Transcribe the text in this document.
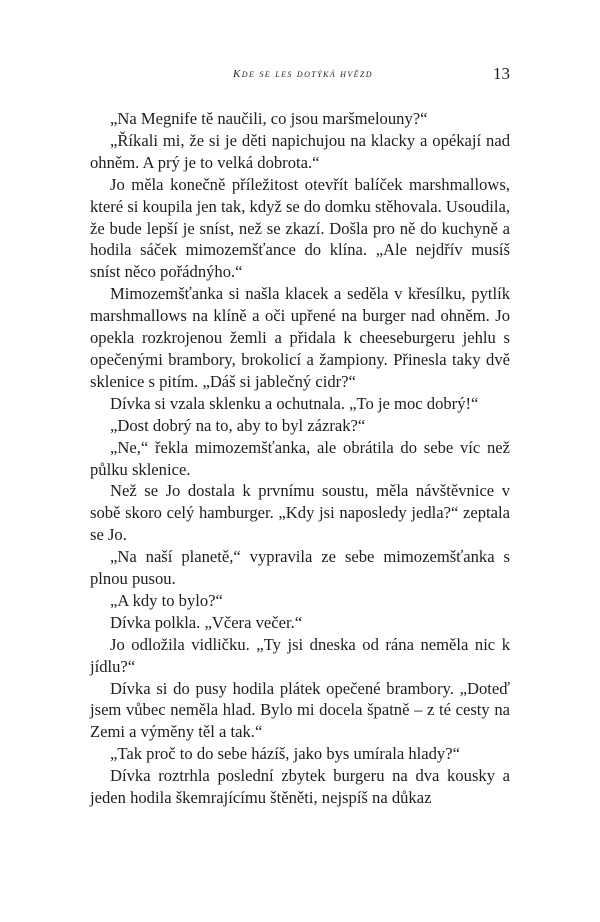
Kde se les dotýká hvězd	13

„Na Megnife tě naučili, co jsou maršmelouny?“

„Říkali mi, že si je děti napichujou na klacky a opékají nad ohněm. A prý je to velká dobrota.“

Jo měla konečně příležitost otevřít balíček marshmallows, které si koupila jen tak, když se do domku stěhovala. Usoudila, že bude lepší je sníst, než se zkazí. Došla pro ně do kuchyně a hodila sáček mimozemšťance do klína. „Ale nejdřív musíš sníst něco pořádnýho.“

Mimozemšťanka si našla klacek a seděla v křesílku, pytlík marshmallows na klíně a oči upřené na burger nad ohněm. Jo opekla rozkrojenou žemli a přidala k cheeseburgeru jehlu s opečenými brambory, brokolicí a žampiony. Přinesla taky dvě sklenice s pitím. „Dáš si jablečný cidr?“

Dívka si vzala sklenku a ochutnala. „To je moc dobrý!“

„Dost dobrý na to, aby to byl zázrak?“

„Ne,“ řekla mimozemšťanka, ale obrátila do sebe víc než půlku sklenice.

Než se Jo dostala k prvnímu soustu, měla návštěvnice v sobě skoro celý hamburger. „Kdy jsi naposledy jedla?“ zeptala se Jo.

„Na naší planetě,“ vypravila ze sebe mimozemšťanka s plnou pusou.

„A kdy to bylo?“

Dívka polkla. „Včera večer.“

Jo odložila vidličku. „Ty jsi dneska od rána neměla nic k jídlu?“

Dívka si do pusy hodila plátek opečené brambory. „Doteď jsem vůbec neměla hlad. Bylo mi docela špatně – z té cesty na Zemi a výměny těl a tak.“

„Tak proč to do sebe házíš, jako bys umírala hlady?“

Dívka roztrhla poslední zbytek burgeru na dva kousky a jeden hodila škemrajícímu štěněti, nejspíš na důkaz
